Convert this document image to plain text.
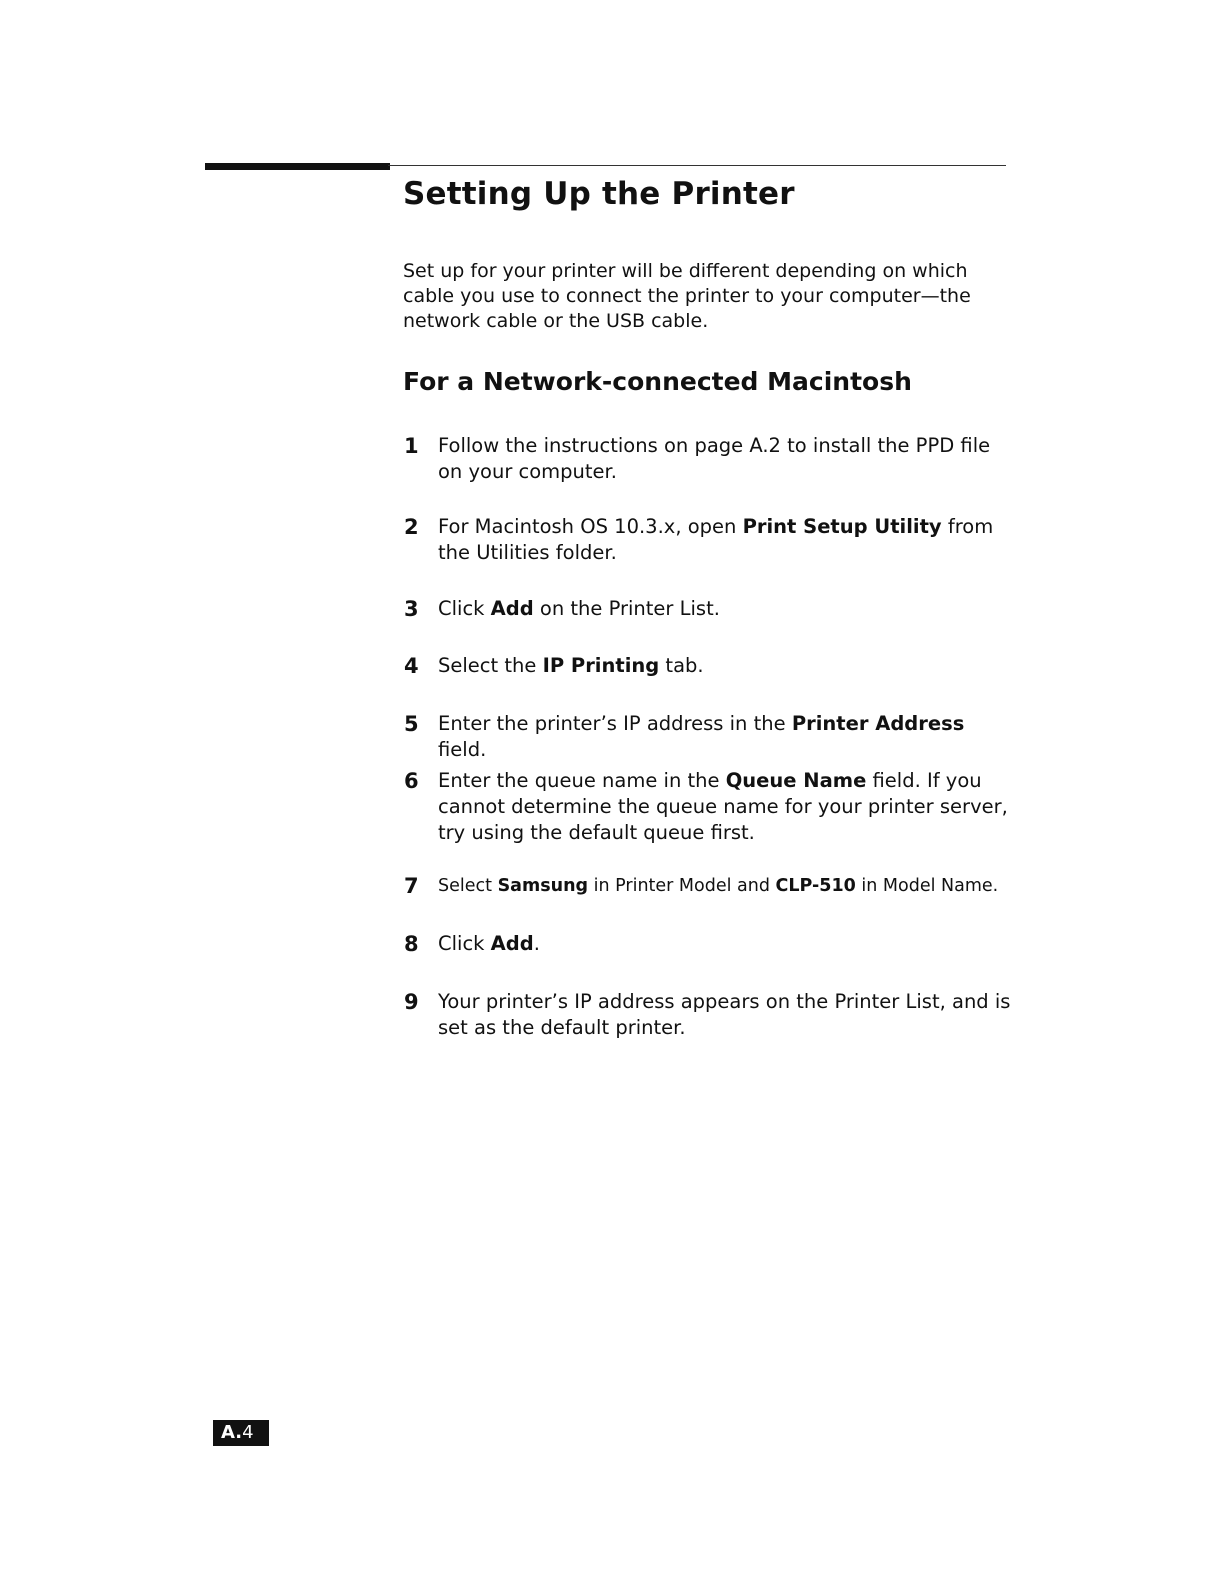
Setting Up the Printer

Set up for your printer will be different depending on which cable you use to connect the printer to your computer—the network cable or the USB cable.

For a Network-connected Macintosh
1 Follow the instructions on page A.2 to install the PPD file on your computer.
2 For Macintosh OS 10.3.x, open Print Setup Utility from the Utilities folder.
3 Click Add on the Printer List.
4 Select the IP Printing tab.
5 Enter the printer’s IP address in the Printer Address field.
6 Enter the queue name in the Queue Name field. If you cannot determine the queue name for your printer server, try using the default queue first.
7 Select Samsung in Printer Model and CLP-510 in Model Name.
8 Click Add.
9 Your printer’s IP address appears on the Printer List, and is set as the default printer.
A.4
